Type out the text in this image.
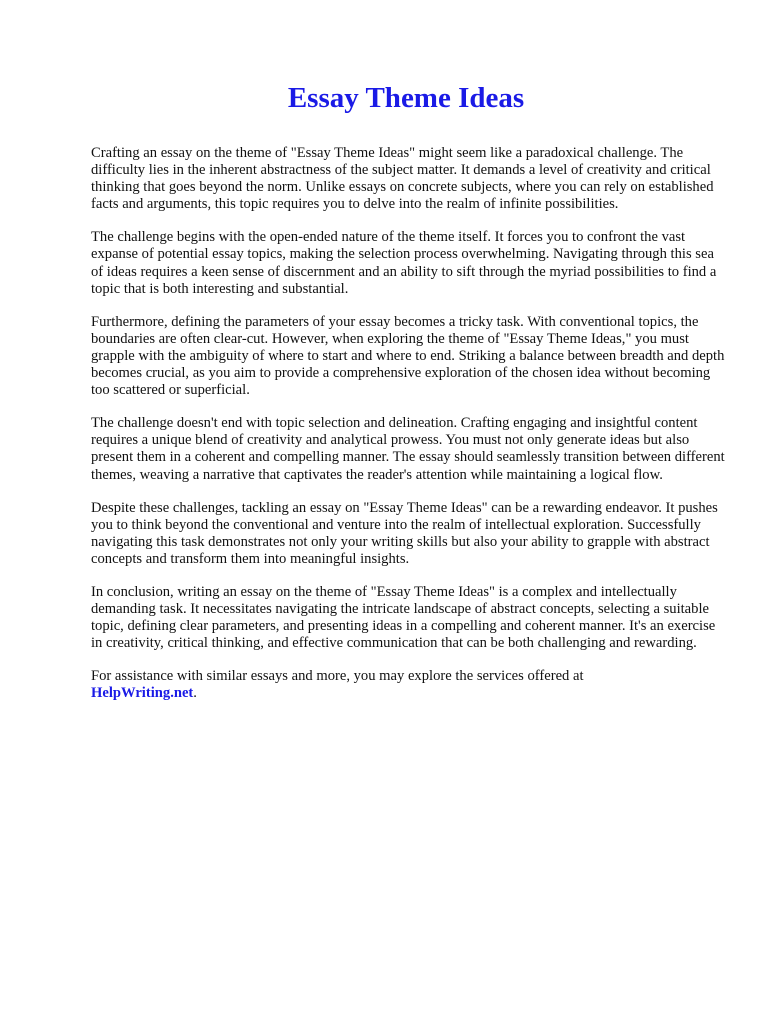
Essay Theme Ideas

Crafting an essay on the theme of "Essay Theme Ideas" might seem like a paradoxical challenge. The difficulty lies in the inherent abstractness of the subject matter. It demands a level of creativity and critical thinking that goes beyond the norm. Unlike essays on concrete subjects, where you can rely on established facts and arguments, this topic requires you to delve into the realm of infinite possibilities.

The challenge begins with the open-ended nature of the theme itself. It forces you to confront the vast expanse of potential essay topics, making the selection process overwhelming. Navigating through this sea of ideas requires a keen sense of discernment and an ability to sift through the myriad possibilities to find a topic that is both interesting and substantial.

Furthermore, defining the parameters of your essay becomes a tricky task. With conventional topics, the boundaries are often clear-cut. However, when exploring the theme of "Essay Theme Ideas," you must grapple with the ambiguity of where to start and where to end. Striking a balance between breadth and depth becomes crucial, as you aim to provide a comprehensive exploration of the chosen idea without becoming too scattered or superficial.

The challenge doesn't end with topic selection and delineation. Crafting engaging and insightful content requires a unique blend of creativity and analytical prowess. You must not only generate ideas but also present them in a coherent and compelling manner. The essay should seamlessly transition between different themes, weaving a narrative that captivates the reader's attention while maintaining a logical flow.

Despite these challenges, tackling an essay on "Essay Theme Ideas" can be a rewarding endeavor. It pushes you to think beyond the conventional and venture into the realm of intellectual exploration. Successfully navigating this task demonstrates not only your writing skills but also your ability to grapple with abstract concepts and transform them into meaningful insights.

In conclusion, writing an essay on the theme of "Essay Theme Ideas" is a complex and intellectually demanding task. It necessitates navigating the intricate landscape of abstract concepts, selecting a suitable topic, defining clear parameters, and presenting ideas in a compelling and coherent manner. It's an exercise in creativity, critical thinking, and effective communication that can be both challenging and rewarding.

For assistance with similar essays and more, you may explore the services offered at
HelpWriting.net.
